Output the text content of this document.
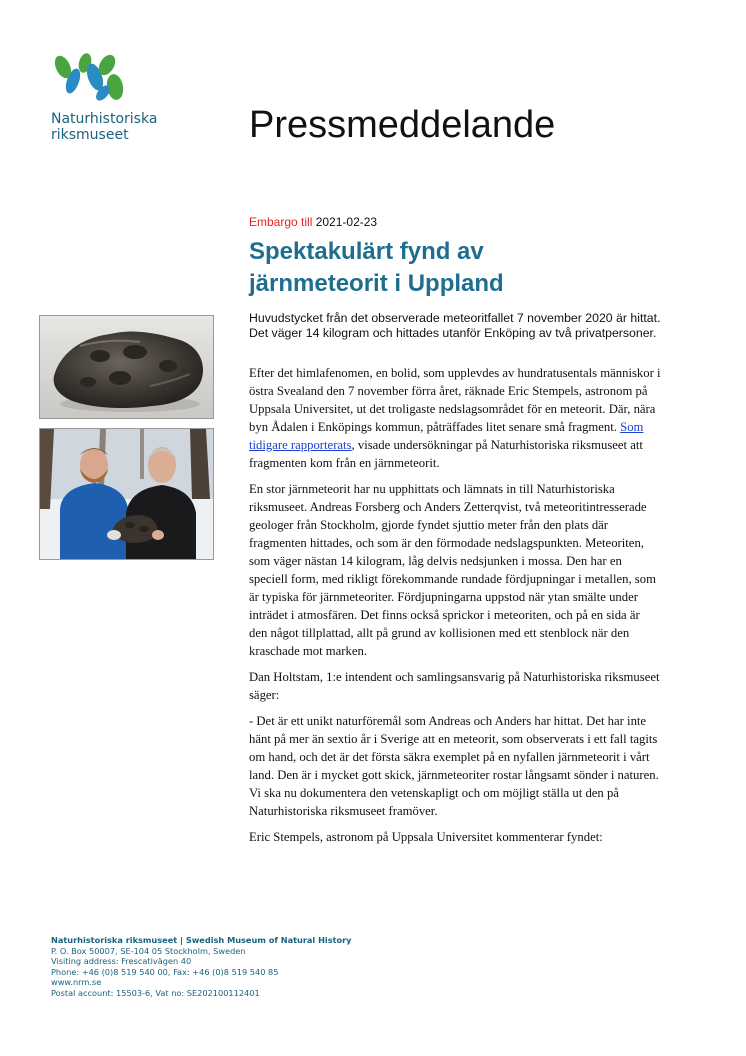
Naturhistoriska
riksmuseet	Pressmeddelande
Embargo till 2021-02-23
Spektakulärt fynd av
järnmeteorit i Uppland

Huvudstycket från det observerade meteoritfallet 7 november 2020 är hittat. Det väger 14 kilogram och hittades utanför Enköping av två privatpersoner.

Efter det himlafenomen, en bolid, som upplevdes av hundratusentals människor i östra Svealand den 7 november förra året, räknade Eric Stempels, astronom på Uppsala Universitet, ut det troligaste nedslagsområdet för en meteorit. Där, nära byn Ådalen i Enköpings kommun, påträffades litet senare små fragment. Som tidigare rapporterats, visade undersökningar på Naturhistoriska riksmuseet att fragmenten kom från en järnmeteorit.

En stor järnmeteorit har nu upphittats och lämnats in till Naturhistoriska riksmuseet. Andreas Forsberg och Anders Zetterqvist, två meteoritintresserade geologer från Stockholm, gjorde fyndet sjuttio meter från den plats där fragmenten hittades, och som är den förmodade nedslagspunkten. Meteoriten, som väger nästan 14 kilogram, låg delvis nedsjunken i mossa. Den har en speciell form, med rikligt förekommande rundade fördjupningar i metallen, som är typiska för järnmeteoriter. Fördjupningarna uppstod när ytan smälte under inträdet i atmosfären. Det finns också sprickor i meteoriten, och på en sida är den något tillplattad, allt på grund av kollisionen med ett stenblock när den kraschade mot marken.

Dan Holtstam, 1:e intendent och samlingsansvarig på Naturhistoriska riksmuseet säger:

- Det är ett unikt naturföremål som Andreas och Anders har hittat. Det har inte hänt på mer än sextio år i Sverige att en meteorit, som observerats i ett fall tagits om hand, och det är det första säkra exemplet på en nyfallen järnmeteorit i vårt land. Den är i mycket gott skick, järnmeteoriter rostar långsamt sönder i naturen. Vi ska nu dokumentera den vetenskapligt och om möjligt ställa ut den på Naturhistoriska riksmuseet framöver.

Eric Stempels, astronom på Uppsala Universitet kommenterar fyndet:

Naturhistoriska riksmuseet | Swedish Museum of Natural History
P. O. Box 50007, SE-104 05 Stockholm, Sweden
Visiting address: Frescativägen 40
Phone: +46 (0)8 519 540 00, Fax: +46 (0)8 519 540 85
www.nrm.se
Postal account: 15503-6, Vat no: SE202100112401
